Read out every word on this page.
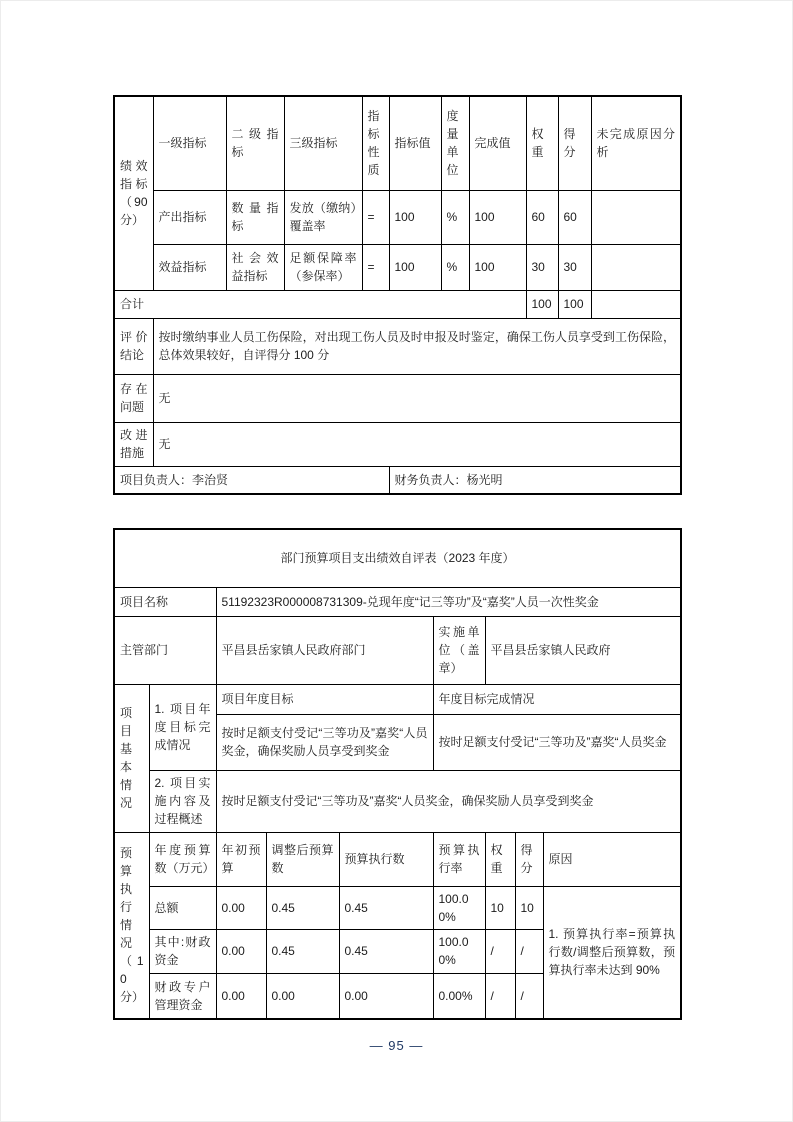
绩效指标（90分）	一级指标	二级指标	三级指标	指标性质	指标值	度量单位	完成值	权重	得分	未完成原因分析
	产出指标	数量指标	发放（缴纳）覆盖率	=	100	%	100	60	60	
	效益指标	社会效益指标	足额保障率（参保率）	=	100	%	100	30	30	
合计								100	100	
评价结论	按时缴纳事业人员工伤保险，对出现工伤人员及时申报及时鉴定，确保工伤人员享受到工伤保险，总体效果较好，自评得分 100 分									
存在问题	无									
改进措施	无									
项目负责人：李治贤					财务负责人：杨光明					
部门预算项目支出绩效自评表（2023 年度）								
项目名称		51192323R000008731309-兑现年度“记三等功”及“嘉奖”人员一次性奖金						
主管部门		平昌县岳家镇人民政府部门			实施单位（盖章）	平昌县岳家镇人民政府		
项目基本情况	1. 项目年度目标完成情况	项目年度目标			年度目标完成情况			
		按时足额支付受记“三等功及”嘉奖“人员奖金，确保奖励人员享受到奖金			按时足额支付受记“三等功及”嘉奖“人员奖金			
	2. 项目实施内容及过程概述	按时足额支付受记“三等功及”嘉奖“人员奖金，确保奖励人员享受到奖金						
预算执行情况（10分）	年度预算数（万元）	年初预算	调整后预算数	预算执行数	预算执行率	权重	得分	原因
	总额	0.00	0.45	0.45	100.00%	10	10	1. 预算执行率=预算执行数/调整后预算数，预算执行率未达到 90%
	其中:财政资金	0.00	0.45	0.45	100.00%	/	/	
	财政专户管理资金	0.00	0.00	0.00	0.00%	/	/	
— 95 —
